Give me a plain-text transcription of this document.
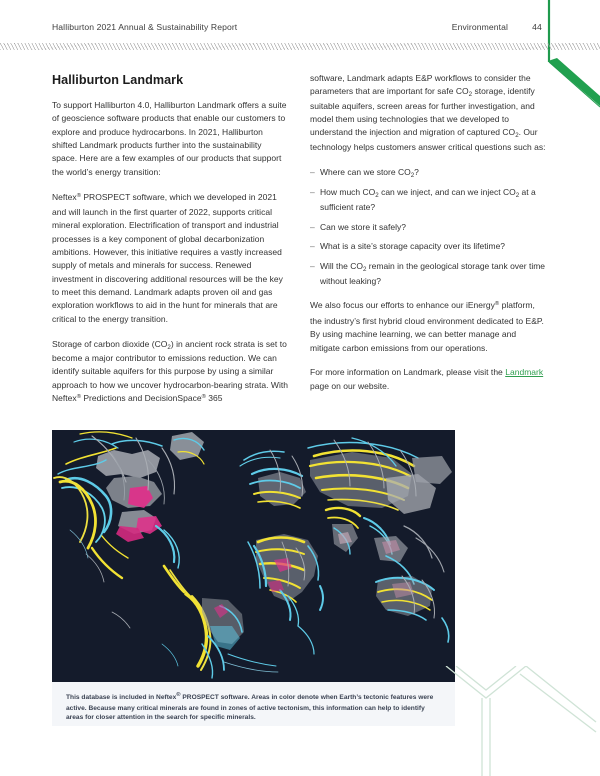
Halliburton 2021 Annual & Sustainability Report	Environmental	44
Halliburton Landmark

To support Halliburton 4.0, Halliburton Landmark offers a suite of geoscience software products that enable our customers to explore and produce hydrocarbons. In 2021, Halliburton shifted Landmark products further into the sustainability space. Here are a few examples of our products that support the world’s energy transition:

Neftex® PROSPECT software, which we developed in 2021 and will launch in the first quarter of 2022, supports critical mineral exploration. Electrification of transport and industrial processes is a key component of global decarbonization ambitions. However, this initiative requires a vastly increased supply of metals and minerals for success. Renewed investment in discovering additional resources will be the key to meet this demand. Landmark adapts proven oil and gas exploration workflows to aid in the hunt for minerals that are critical to the energy transition.

Storage of carbon dioxide $(CO_2)$ in ancient rock strata is set to become a major contributor to emissions reduction. We can identify suitable aquifers for this purpose by using a similar approach to how we uncover hydrocarbon-bearing strata. With Neftex® Predictions and DecisionSpace® 365

software, Landmark adapts E&P workflows to consider the parameters that are important for safe $CO_2$ storage, identify suitable aquifers, screen areas for further investigation, and model them using technologies that we developed to understand the injection and migration of captured $CO_2$. Our technology helps customers answer critical questions such as:

– Where can we store $CO_2$?
– How much $CO_2$ can we inject, and can we inject $CO_2$ at a sufficient rate?
– Can we store it safely?
– What is a site’s storage capacity over its lifetime?
– Will the $CO_2$ remain in the geological storage tank over time without leaking?

We also focus our efforts to enhance our iEnergy® platform, the industry’s first hybrid cloud environment dedicated to E&P. By using machine learning, we can better manage and mitigate carbon emissions from our operations.

For more information on Landmark, please visit the Landmark page on our website.

This database is included in Neftex® PROSPECT software. Areas in color denote when Earth’s tectonic features were active. Because many critical minerals are found in zones of active tectonism, this information can help to identify areas for closer attention in the search for specific minerals.
